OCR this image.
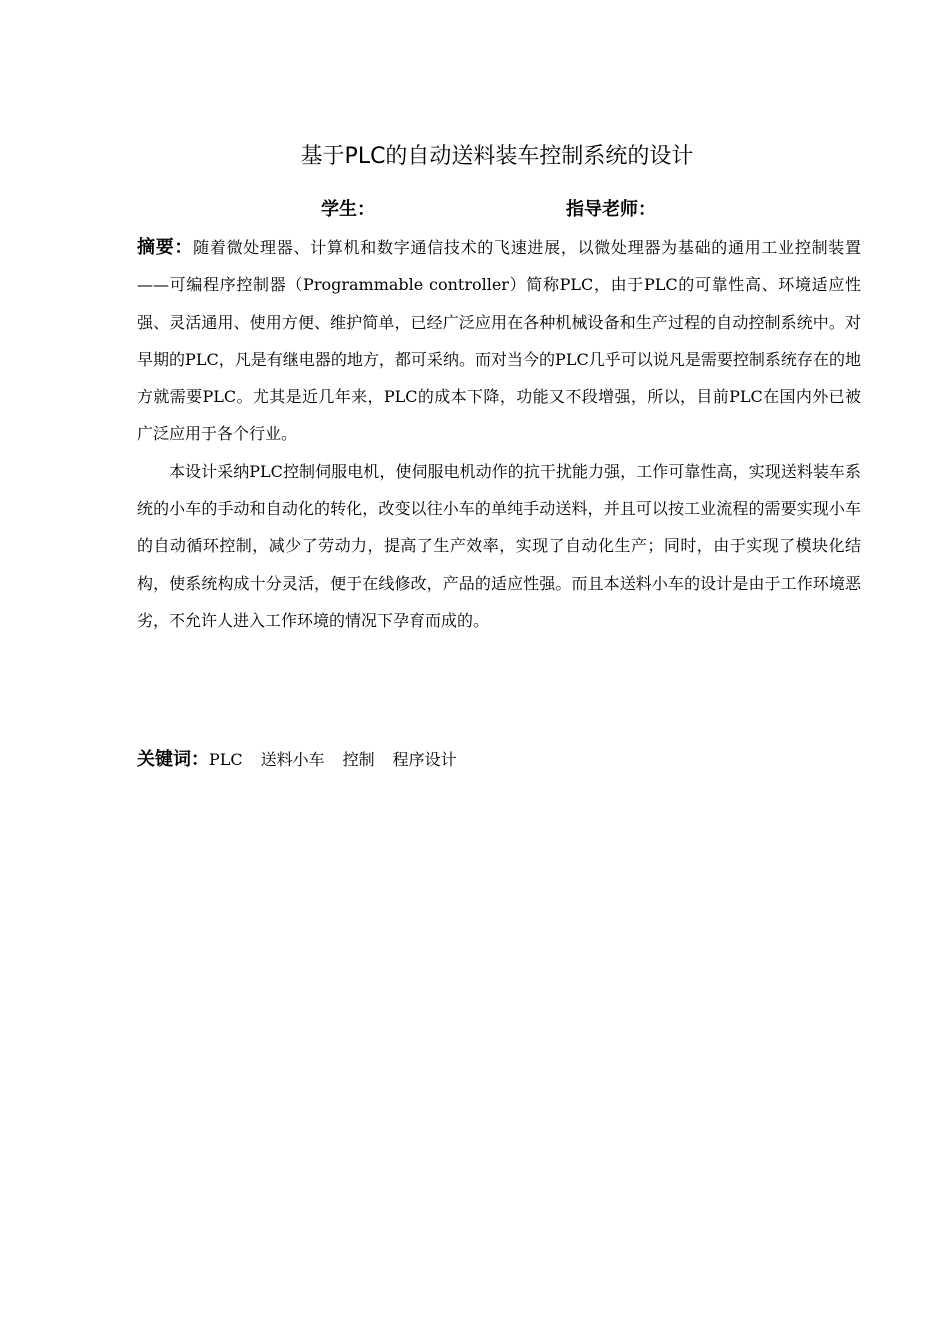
基于PLC的自动送料装车控制系统的设计
学生：	指导老师：

摘要：随着微处理器、计算机和数字通信技术的飞速进展，以微处理器为基础的通用工业控制装置——可编程序控制器（Programmable controller）简称PLC，由于PLC的可靠性高、环境适应性强、灵活通用、使用方便、维护简单，已经广泛应用在各种机械设备和生产过程的自动控制系统中。对早期的PLC，凡是有继电器的地方，都可采纳。而对当今的PLC几乎可以说凡是需要控制系统存在的地方就需要PLC。尤其是近几年来，PLC的成本下降，功能又不段增强，所以，目前PLC在国内外已被广泛应用于各个行业。

本设计采纳PLC控制伺服电机，使伺服电机动作的抗干扰能力强，工作可靠性高，实现送料装车系统的小车的手动和自动化的转化，改变以往小车的单纯手动送料，并且可以按工业流程的需要实现小车的自动循环控制，减少了劳动力，提高了生产效率，实现了自动化生产；同时，由于实现了模块化结构，使系统构成十分灵活，便于在线修改，产品的适应性强。而且本送料小车的设计是由于工作环境恶劣，不允许人进入工作环境的情况下孕育而成的。

关键词：PLC 送料小车 控制 程序设计
